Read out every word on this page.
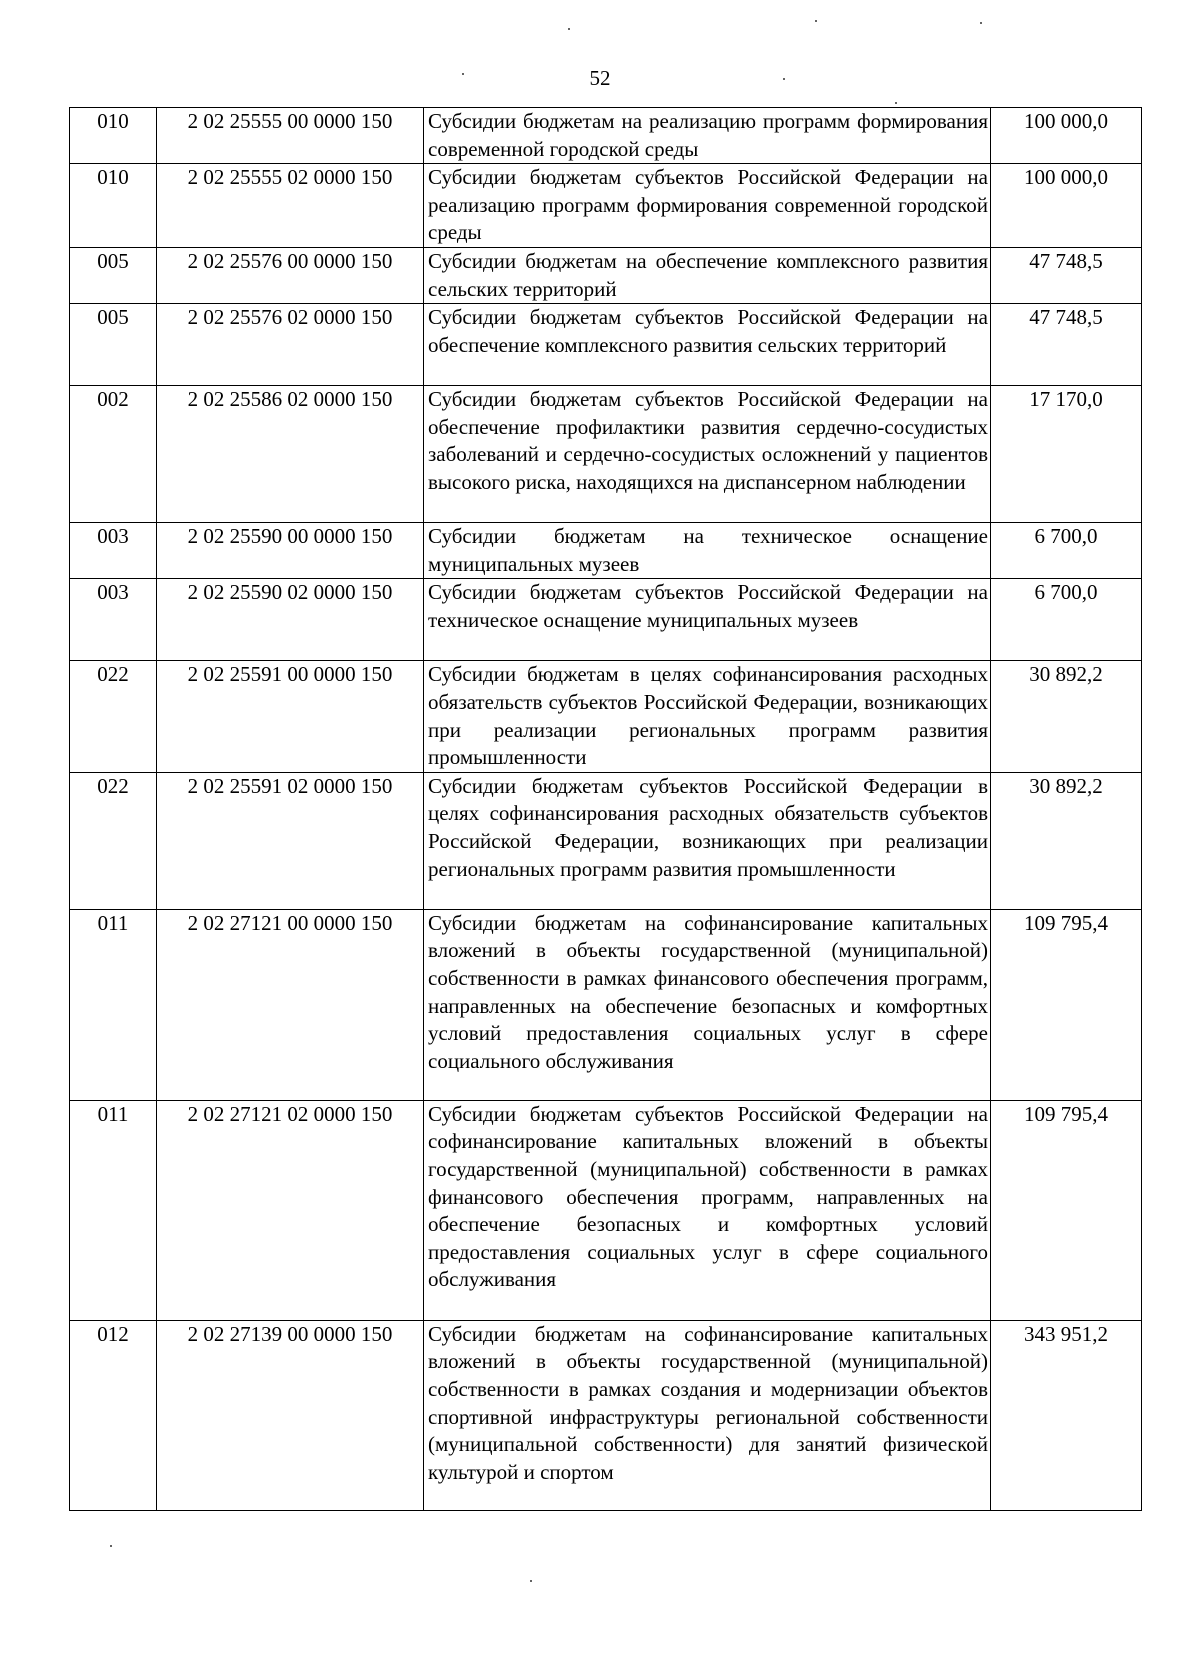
52
010	2 02 25555 00 0000 150	Субсидии бюджетам на реализацию программ формирования современной городской среды	100 000,0
010	2 02 25555 02 0000 150	Субсидии бюджетам субъектов Российской Федерации на реализацию программ формирования современной городской среды	100 000,0
005	2 02 25576 00 0000 150	Субсидии бюджетам на обеспечение комплексного развития сельских территорий	47 748,5
005	2 02 25576 02 0000 150	Субсидии бюджетам субъектов Российской Федерации на обеспечение комплексного развития сельских территорий	47 748,5
002	2 02 25586 02 0000 150	Субсидии бюджетам субъектов Российской Федерации на обеспечение профилактики развития сердечно-сосудистых заболеваний и сердечно-сосудистых осложнений у пациентов высокого риска, находящихся на диспансерном наблюдении	17 170,0
003	2 02 25590 00 0000 150	Субсидии бюджетам на техническое оснащение муниципальных музеев	6 700,0
003	2 02 25590 02 0000 150	Субсидии бюджетам субъектов Российской Федерации на техническое оснащение муниципальных музеев	6 700,0
022	2 02 25591 00 0000 150	Субсидии бюджетам в целях софинансирования расходных обязательств субъектов Российской Федерации, возникающих при реализации региональных программ развития промышленности	30 892,2
022	2 02 25591 02 0000 150	Субсидии бюджетам субъектов Российской Федерации в целях софинансирования расходных обязательств субъектов Российской Федерации, возникающих при реализации региональных программ развития промышленности	30 892,2
011	2 02 27121 00 0000 150	Субсидии бюджетам на софинансирование капитальных вложений в объекты государственной (муниципальной) собственности в рамках финансового обеспечения программ, направленных на обеспечение безопасных и комфортных условий предоставления социальных услуг в сфере социального обслуживания	109 795,4
011	2 02 27121 02 0000 150	Субсидии бюджетам субъектов Российской Федерации на софинансирование капитальных вложений в объекты государственной (муниципальной) собственности в рамках финансового обеспечения программ, направленных на обеспечение безопасных и комфортных условий предоставления социальных услуг в сфере социального обслуживания	109 795,4
012	2 02 27139 00 0000 150	Субсидии бюджетам на софинансирование капитальных вложений в объекты государственной (муниципальной) собственности в рамках создания и модернизации объектов спортивной инфраструктуры региональной собственности (муниципальной собственности) для занятий физической культурой и спортом	343 951,2
